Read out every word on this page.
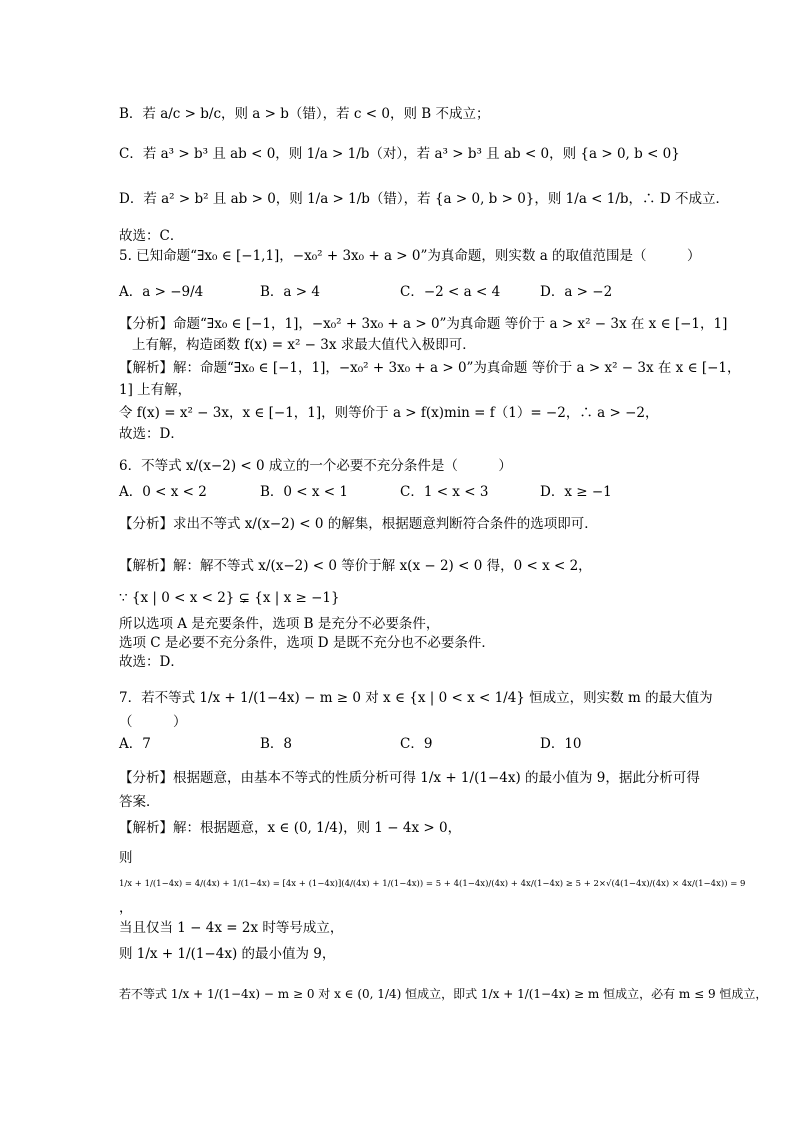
B．若 a/c > b/c，则 a > b（错），若 c < 0，则 B 不成立；
C．若 a³ > b³ 且 ab < 0，则 1/a > 1/b（对），若 a³ > b³ 且 ab < 0，则 {a > 0, b < 0}
D．若 a² > b² 且 ab > 0，则 1/a > 1/b（错），若 {a > 0, b > 0}，则 1/a < 1/b，∴ D 不成立．
故选：C．
5. 已知命题“∃x₀ ∈ [−1,1]，−x₀² + 3x₀ + a > 0”为真命题，则实数 a 的取值范围是（　　　）
A．a > −9/4	B．a > 4	C．−2 < a < 4	D．a > −2
【分析】命题“∃x₀ ∈ [−1，1]，−x₀² + 3x₀ + a > 0”为真命题 等价于 a > x² − 3x 在 x ∈ [−1，1]
上有解，构造函数 f(x) = x² − 3x 求最大值代入极即可．
【解析】解：命题“∃x₀ ∈ [−1，1]，−x₀² + 3x₀ + a > 0”为真命题 等价于 a > x² − 3x 在 x ∈ [−1，
1] 上有解，
令 f(x) = x² − 3x，x ∈ [−1，1]，则等价于 a > f(x)min = f（1）= −2，∴ a > −2，
故选：D．
6．不等式 x/(x−2) < 0 成立的一个必要不充分条件是（　　　）
A．0 < x < 2	B．0 < x < 1	C．1 < x < 3	D．x ≥ −1
【分析】求出不等式 x/(x−2) < 0 的解集，根据题意判断符合条件的选项即可．
【解析】解：解不等式 x/(x−2) < 0 等价于解 x(x − 2) < 0 得，0 < x < 2，
∵ {x | 0 < x < 2} ⊊ {x | x ≥ −1}
所以选项 A 是充要条件，选项 B 是充分不必要条件，
选项 C 是必要不充分条件，选项 D 是既不充分也不必要条件．
故选：D．
7．若不等式 1/x + 1/(1−4x) − m ≥ 0 对 x ∈ {x | 0 < x < 1/4} 恒成立，则实数 m 的最大值为
（　　　）
A．7	B．8	C．9	D．10
【分析】根据题意，由基本不等式的性质分析可得 1/x + 1/(1−4x) 的最小值为 9，据此分析可得
答案．
【解析】解：根据题意，x ∈ (0, 1/4)，则 1 − 4x > 0，
则
1/x + 1/(1−4x) = 4/(4x) + 1/(1−4x) = [4x + (1−4x)](4/(4x) + 1/(1−4x)) = 5 + 4(1−4x)/(4x) + 4x/(1−4x) ≥ 5 + 2×√(4(1−4x)/(4x) × 4x/(1−4x)) = 9
，
当且仅当 1 − 4x = 2x 时等号成立，
则 1/x + 1/(1−4x) 的最小值为 9，
若不等式 1/x + 1/(1−4x) − m ≥ 0 对 x ∈ (0, 1/4) 恒成立，即式 1/x + 1/(1−4x) ≥ m 恒成立，必有 m ≤ 9 恒成立，
